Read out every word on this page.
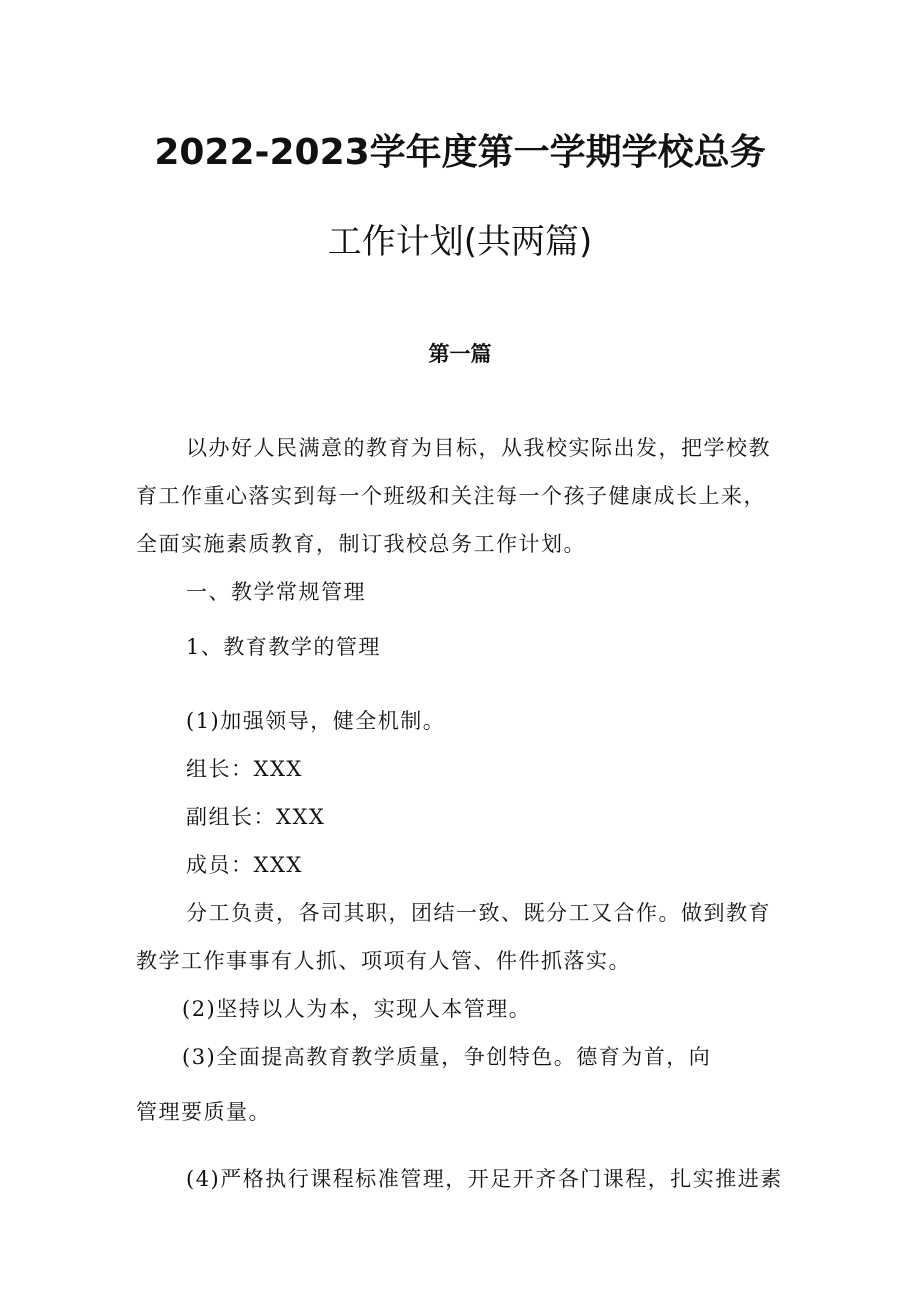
2022-2023学年度第一学期学校总务
工作计划(共两篇)
第一篇
以办好人民满意的教育为目标，从我校实际出发，把学校教
育工作重心落实到每一个班级和关注每一个孩子健康成长上来，
全面实施素质教育，制订我校总务工作计划。
一、教学常规管理
1、教育教学的管理
(1)加强领导，健全机制。
组长：XXX
副组长：XXX
成员：XXX
分工负责，各司其职，团结一致、既分工又合作。做到教育
教学工作事事有人抓、项项有人管、件件抓落实。
(2)坚持以人为本，实现人本管理。
(3)全面提高教育教学质量，争创特色。德育为首，向
管理要质量。
(4)严格执行课程标准管理，开足开齐各门课程，扎实推进素
